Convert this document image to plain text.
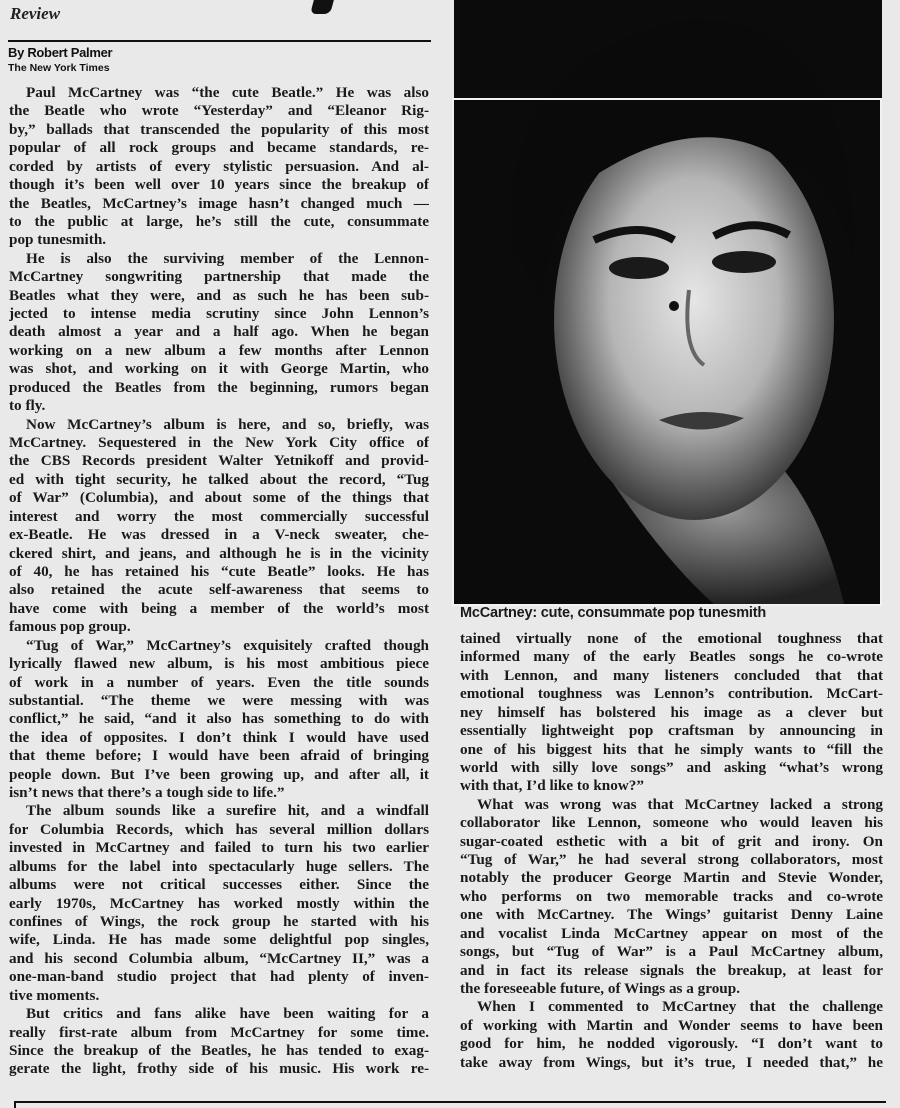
Review
By Robert Palmer
The New York Times
Paul McCartney was “the cute Beatle.” He was also
the Beatle who wrote “Yesterday” and “Eleanor Rig-
by,” ballads that transcended the popularity of this most
popular of all rock groups and became standards, re-
corded by artists of every stylistic persuasion. And al-
though it’s been well over 10 years since the breakup of
the Beatles, McCartney’s image hasn’t changed much —
to the public at large, he’s still the cute, consummate
pop tunesmith.
He is also the surviving member of the Lennon-
McCartney songwriting partnership that made the
Beatles what they were, and as such he has been sub-
jected to intense media scrutiny since John Lennon’s
death almost a year and a half ago. When he began
working on a new album a few months after Lennon
was shot, and working on it with George Martin, who
produced the Beatles from the beginning, rumors began
to fly.
Now McCartney’s album is here, and so, briefly, was
McCartney. Sequestered in the New York City office of
the CBS Records president Walter Yetnikoff and provid-
ed with tight security, he talked about the record, “Tug
of War” (Columbia), and about some of the things that
interest and worry the most commercially successful
ex-Beatle. He was dressed in a V-neck sweater, che-
ckered shirt, and jeans, and although he is in the vicinity
of 40, he has retained his “cute Beatle” looks. He has
also retained the acute self-awareness that seems to
have come with being a member of the world’s most
famous pop group.
“Tug of War,” McCartney’s exquisitely crafted though
lyrically flawed new album, is his most ambitious piece
of work in a number of years. Even the title sounds
substantial. “The theme we were messing with was
conflict,” he said, “and it also has something to do with
the idea of opposites. I don’t think I would have used
that theme before; I would have been afraid of bringing
people down. But I’ve been growing up, and after all, it
isn’t news that there’s a tough side to life.”
The album sounds like a surefire hit, and a windfall
for Columbia Records, which has several million dollars
invested in McCartney and failed to turn his two earlier
albums for the label into spectacularly huge sellers. The
albums were not critical successes either. Since the
early 1970s, McCartney has worked mostly within the
confines of Wings, the rock group he started with his
wife, Linda. He has made some delightful pop singles,
and his second Columbia album, “McCartney II,” was a
one-man-band studio project that had plenty of inven-
tive moments.
But critics and fans alike have been waiting for a
really first-rate album from McCartney for some time.
Since the breakup of the Beatles, he has tended to exag-
gerate the light, frothy side of his music. His work re-
McCartney: cute, consummate pop tunesmith
tained virtually none of the emotional toughness that
informed many of the early Beatles songs he co-wrote
with Lennon, and many listeners concluded that that
emotional toughness was Lennon’s contribution. McCart-
ney himself has bolstered his image as a clever but
essentially lightweight pop craftsman by announcing in
one of his biggest hits that he simply wants to “fill the
world with silly love songs” and asking “what’s wrong
with that, I’d like to know?”
What was wrong was that McCartney lacked a strong
collaborator like Lennon, someone who would leaven his
sugar-coated esthetic with a bit of grit and irony. On
“Tug of War,” he had several strong collaborators, most
notably the producer George Martin and Stevie Wonder,
who performs on two memorable tracks and co-wrote
one with McCartney. The Wings’ guitarist Denny Laine
and vocalist Linda McCartney appear on most of the
songs, but “Tug of War” is a Paul McCartney album,
and in fact its release signals the breakup, at least for
the foreseeable future, of Wings as a group.
When I commented to McCartney that the challenge
of working with Martin and Wonder seems to have been
good for him, he nodded vigorously. “I don’t want to
take away from Wings, but it’s true, I needed that,” he
